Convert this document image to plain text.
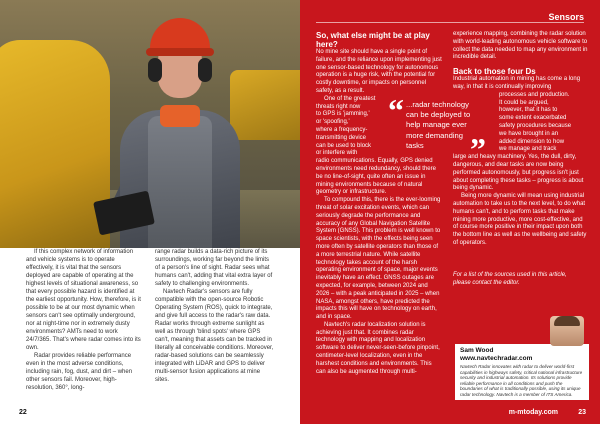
If this complex network of information and vehicle systems is to operate effectively, it is vital that the sensors deployed are capable of operating at the highest levels of situational awareness, so that every possible hazard is identified at the earliest opportunity. How, therefore, is it possible to be at our most dynamic when sensors can't see optimally underground, nor at night-time nor in extremely dusty environments? AMTs need to work 24/7/365. That's where radar comes into its own.

Radar provides reliable performance even in the most adverse conditions, including rain, fog, dust, and dirt – when other sensors fail. Moreover, high-resolution, 360°, long-

range radar builds a data-rich picture of its surroundings, working far beyond the limits of a person's line of sight. Radar sees what humans can't, adding that vital extra layer of safety to challenging environments.

Navtech Radar's sensors are fully compatible with the open-source Robotic Operating System (ROS), quick to integrate, and give full access to the radar's raw data. Radar works through extreme sunlight as well as through 'blind spots' where GPS can't, meaning that assets can be tracked in literally all conceivable conditions. Moreover, radar-based solutions can be seamlessly integrated with LiDAR and GPS to deliver multi-sensor fusion applications at mine sites.

22
Sensors
So, what else might be at play here?

No mine site should have a single point of failure, and the reliance upon implementing just one sensor-based technology for autonomous operation is a huge risk, with the potential for costly downtime, or impacts on personnel safety, as a result.

One of the greatest
threats right now
to GPS is 'jamming,'
or 'spoofing,'
where a frequency-
transmitting device
can be used to block
or interfere with

radio communications. Equally, GPS denied environments need redundancy, should there be no line-of-sight, quite often an issue in mining environments because of natural geometry or infrastructure.

To compound this, there is the ever-looming threat of solar excitation events, which can seriously degrade the performance and accuracy of any Global Navigation Satellite System (GNSS). This problem is well known to space scientists, with the effects being seen more often by satellite operators than those of a more terrestrial nature. While satellite technology takes account of the harsh operating environment of space, major events inevitably have an effect. GNSS outages are expected, for example, between 2024 and 2026 – with a peak anticipated in 2025 – when NASA, amongst others, have predicted the impacts this will have on technology on earth, and in space.

Navtech's radar localization solution is achieving just that. It combines radar technology with mapping and localization software to deliver never-seen-before pinpoint, centimeter-level localization, even in the harshest conditions and environments. This can also be augmented through multi-

experience mapping, combining the radar solution with world-leading autonomous vehicle software to collect the data needed to map any environment in incredible detail.

Back to those four Ds

Industrial automation in mining has come a long way, in that it is continually improving

processes and production.
It could be argued,
however, that it has to
some extent exacerbated
safety procedures because
we have brought in an
added dimension to how
we manage and track

large and heavy machinery. Yes, the dull, dirty, dangerous, and dear tasks are now being performed autonomously, but progress isn't just about completing these tasks – progress is about being dynamic.

Being more dynamic will mean using industrial automation to take us to the next level, to do what humans can't, and to perform tasks that make mining more productive, more cost-effective, and of course more positive in their impact upon both the bottom line as well as the wellbeing and safety of operators.

“ ...radar technology can be deployed to help manage ever more demanding tasks	”
m-mtoday.com	23
For a list of the sources used in this article, please contact the editor.
Sam Wood
www.navtechradar.com
Navtech Radar innovates with radar to deliver world-first capabilities in highways safety, critical national infrastructure security and industrial automation. Its solutions provide reliable performance in all conditions and push the boundaries of what is traditionally possible, using its unique radar technology. Navtech is a member of ITS America.
